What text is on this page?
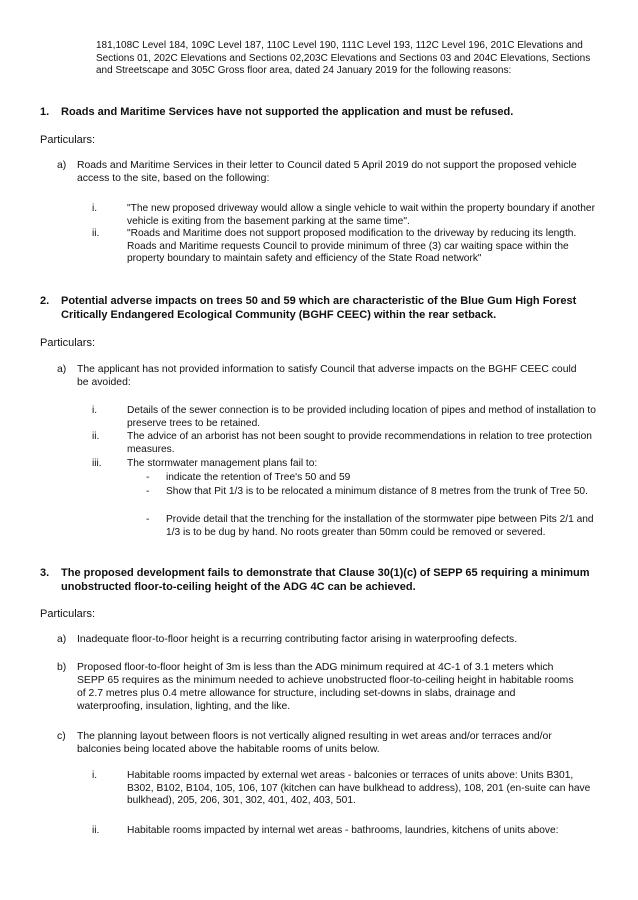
181,108C Level 184, 109C Level 187, 110C Level 190, 111C Level 193, 112C Level 196, 201C Elevations and Sections 01, 202C Elevations and Sections 02,203C Elevations and Sections 03 and 204C Elevations, Sections and Streetscape and 305C Gross floor area, dated 24 January 2019 for the following reasons:
1. Roads and Maritime Services have not supported the application and must be refused.
Particulars:
a) Roads and Maritime Services in their letter to Council dated 5 April 2019 do not support the proposed vehicle access to the site, based on the following:
i.	"The new proposed driveway would allow a single vehicle to wait within the property boundary if another vehicle is exiting from the basement parking at the same time".
ii.	"Roads and Maritime does not support proposed modification to the driveway by reducing its length. Roads and Maritime requests Council to provide minimum of three (3) car waiting space within the property boundary to maintain safety and efficiency of the State Road network"
2. Potential adverse impacts on trees 50 and 59 which are characteristic of the Blue Gum High Forest Critically Endangered Ecological Community (BGHF CEEC) within the rear setback.
Particulars:
a) The applicant has not provided information to satisfy Council that adverse impacts on the BGHF CEEC could be avoided:
i.	Details of the sewer connection is to be provided including location of pipes and method of installation to preserve trees to be retained.
ii.	The advice of an arborist has not been sought to provide recommendations in relation to tree protection measures.
iii. The stormwater management plans fail to:
- indicate the retention of Tree's 50 and 59
- Show that Pit 1/3 is to be relocated a minimum distance of 8 metres from the trunk of Tree 50.
- Provide detail that the trenching for the installation of the stormwater pipe between Pits 2/1 and 1/3 is to be dug by hand. No roots greater than 50mm could be removed or severed.
3. The proposed development fails to demonstrate that Clause 30(1)(c) of SEPP 65 requiring a minimum unobstructed floor-to-ceiling height of the ADG 4C can be achieved.
Particulars:
a) Inadequate floor-to-floor height is a recurring contributing factor arising in waterproofing defects.
b) Proposed floor-to-floor height of 3m is less than the ADG minimum required at 4C-1 of 3.1 meters which SEPP 65 requires as the minimum needed to achieve unobstructed floor-to-ceiling height in habitable rooms of 2.7 metres plus 0.4 metre allowance for structure, including set-downs in slabs, drainage and waterproofing, insulation, lighting, and the like.
c) The planning layout between floors is not vertically aligned resulting in wet areas and/or terraces and/or balconies being located above the habitable rooms of units below.
i.	Habitable rooms impacted by external wet areas - balconies or terraces of units above: Units B301, B302, B102, B104, 105, 106, 107 (kitchen can have bulkhead to address), 108, 201 (en-suite can have bulkhead), 205, 206, 301, 302, 401, 402, 403, 501.
ii.	Habitable rooms impacted by internal wet areas - bathrooms, laundries, kitchens of units above:
